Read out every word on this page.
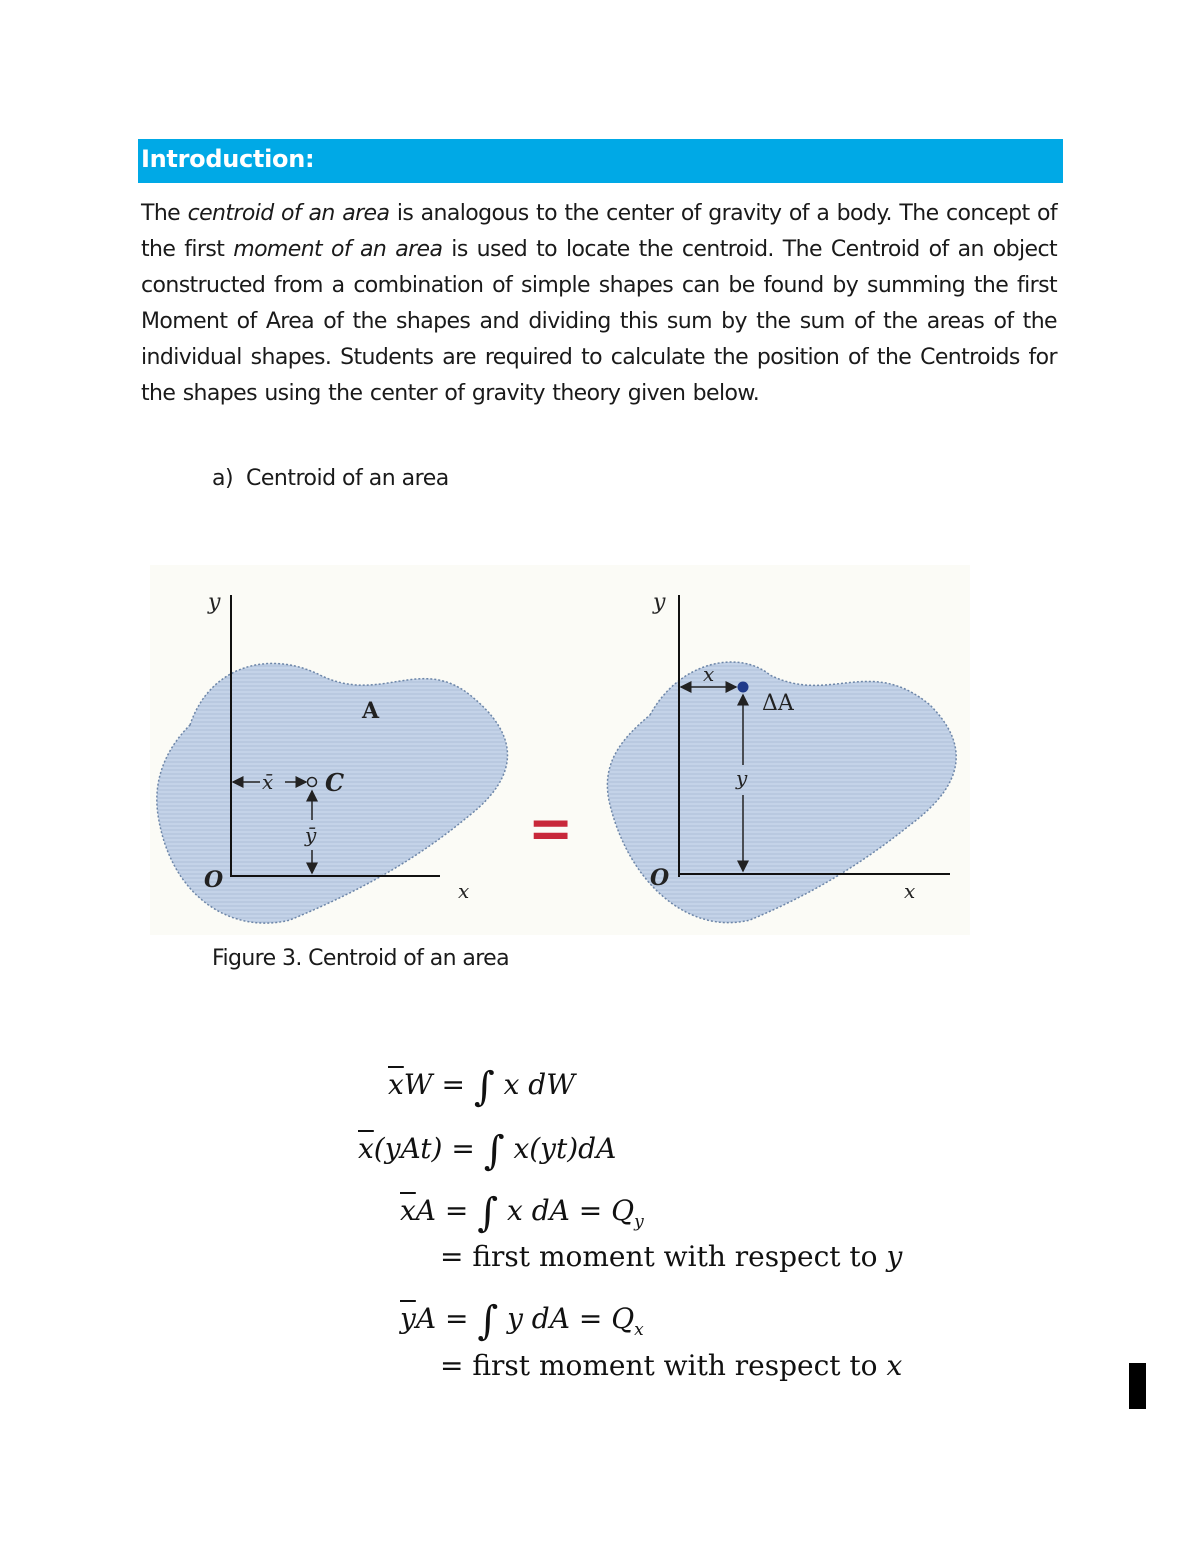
Introduction:
The centroid of an area is analogous to the center of gravity of a body. The concept of the first moment of an area is used to locate the centroid. The Centroid of an object constructed from a combination of simple shapes can be found by summing the first Moment of Area of the shapes and dividing this sum by the sum of the areas of the individual shapes. Students are required to calculate the position of the Centroids for the shapes using the center of gravity theory given below.
a) Centroid of an area
y
x
O
A
C
x̄
ȳ	=
y
x
O
x
ΔA
y
Figure 3. Centroid of an area
$\overline{x}W$ = ∫ x dW
$\overline{x}(yAt)$ = ∫ x(yt)dA
$\overline{x}A$ = ∫ x dA = $Q_y$
= first moment with respect to y
$\overline{y}A$ = ∫ y dA = $Q_x$
= first moment with respect to x
